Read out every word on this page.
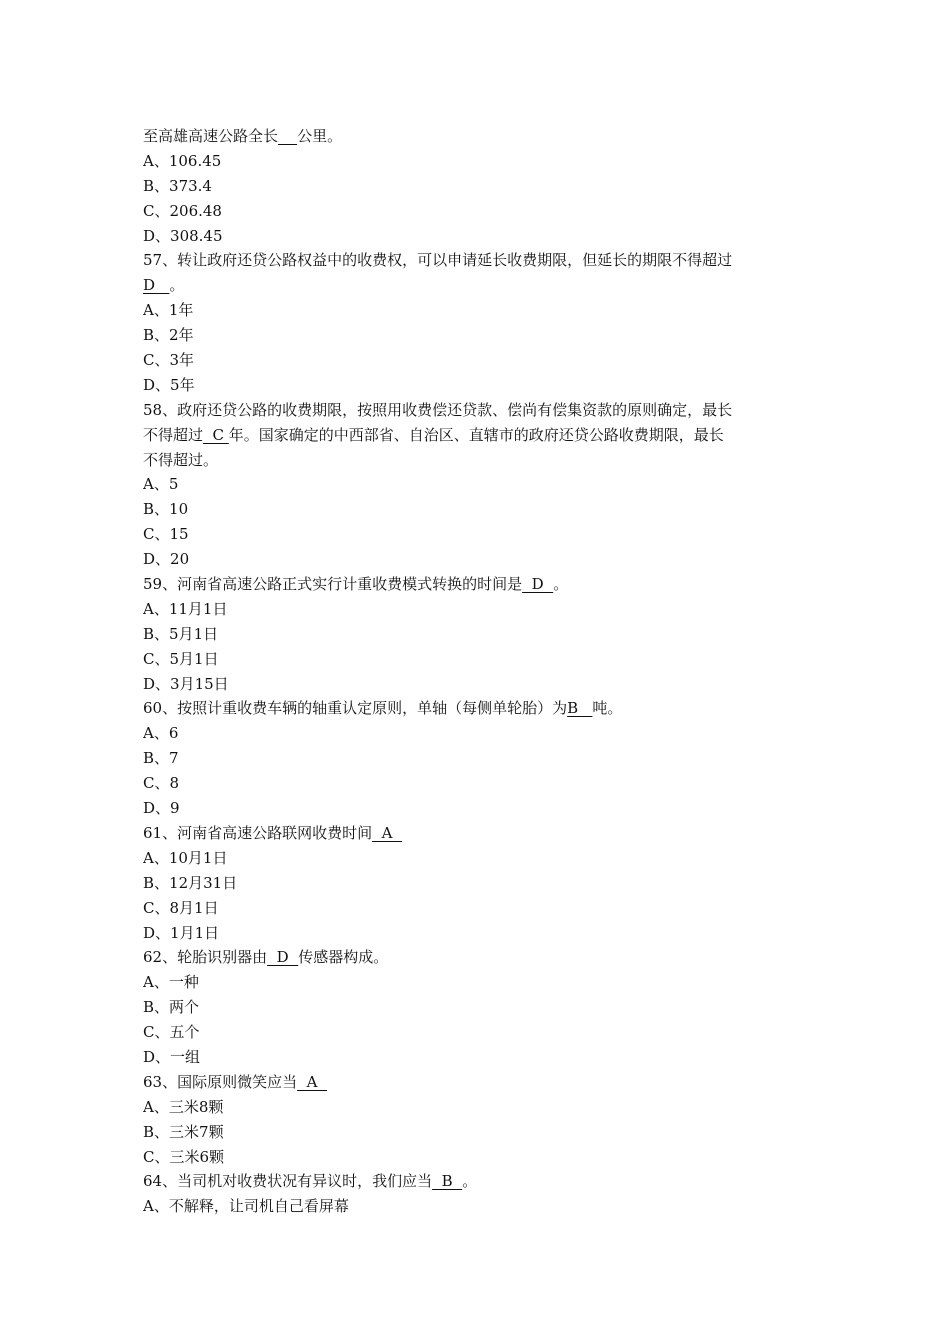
至高雄高速公路全长 公里。
A、106.45
B、373.4
C、206.48
D、308.45
57、转让政府还贷公路权益中的收费权，可以申请延长收费期限，但延长的期限不得超过
D   。
A、1年
B、2年
C、3年
D、5年
58、政府还贷公路的收费期限，按照用收费偿还贷款、偿尚有偿集资款的原则确定，最长
不得超过  C 年。国家确定的中西部省、自治区、直辖市的政府还贷公路收费期限，最长
不得超过。
A、5
B、10
C、15
D、20
59、河南省高速公路正式实行计重收费模式转换的时间是  D  。
A、11月1日
B、5月1日
C、5月1日
D、3月15日
60、按照计重收费车辆的轴重认定原则，单轴（每侧单轮胎）为B   吨。
A、6
B、7
C、8
D、9
61、河南省高速公路联网收费时间  A
A、10月1日
B、12月31日
C、8月1日
D、1月1日
62、轮胎识别器由  D  传感器构成。
A、一种
B、两个
C、五个
D、一组
63、国际原则微笑应当  A
A、三米8颗
B、三米7颗
C、三米6颗
64、当司机对收费状况有异议时，我们应当  B  。
A、不解释，让司机自己看屏幕
